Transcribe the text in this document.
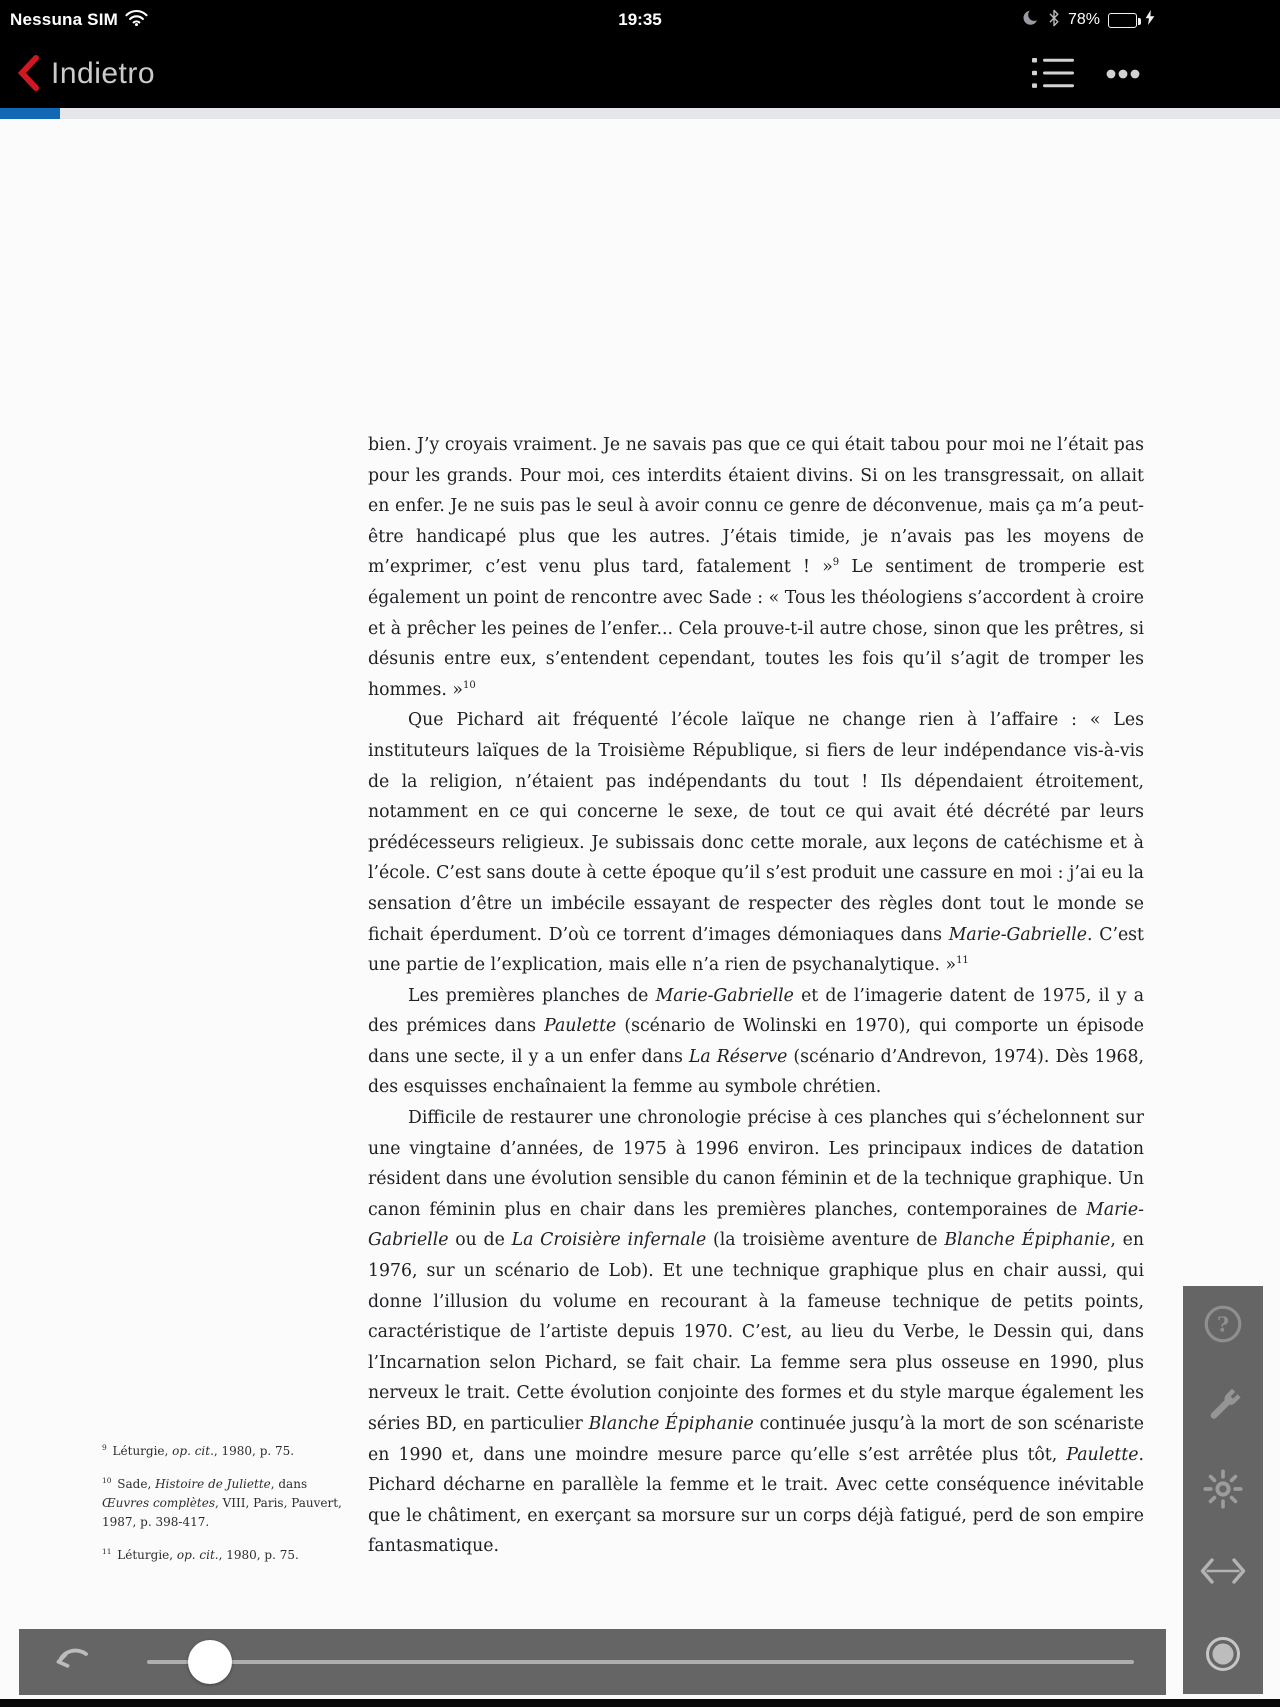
Nessuna SIM	19:35	78%
Indietro

bien. J’y croyais vraiment. Je ne savais pas que ce qui était tabou pour moi ne l’était pas pour les grands. Pour moi, ces interdits étaient divins. Si on les transgressait, on allait en enfer. Je ne suis pas le seul à avoir connu ce genre de déconvenue, mais ça m’a peut-être handicapé plus que les autres. J’étais timide, je n’avais pas les moyens de m’exprimer, c’est venu plus tard, fatalement ! »$^9$ Le sentiment de tromperie est également un point de rencontre avec Sade : « Tous les théologiens s’accordent à croire et à prêcher les peines de l’enfer... Cela prouve-t-il autre chose, sinon que les prêtres, si désunis entre eux, s’entendent cependant, toutes les fois qu’il s’agit de tromper les hommes. »$^{10}$

Que Pichard ait fréquenté l’école laïque ne change rien à l’affaire : « Les instituteurs laïques de la Troisième République, si fiers de leur indépendance vis-à-vis de la religion, n’étaient pas indépendants du tout ! Ils dépendaient étroitement, notamment en ce qui concerne le sexe, de tout ce qui avait été décrété par leurs prédécesseurs religieux. Je subissais donc cette morale, aux leçons de catéchisme et à l’école. C’est sans doute à cette époque qu’il s’est produit une cassure en moi : j’ai eu la sensation d’être un imbécile essayant de respecter des règles dont tout le monde se fichait éperdument. D’où ce torrent d’images démoniaques dans Marie-Gabrielle. C’est une partie de l’explication, mais elle n’a rien de psychanalytique. »$^{11}$

Les premières planches de Marie-Gabrielle et de l’imagerie datent de 1975, il y a des prémices dans Paulette (scénario de Wolinski en 1970), qui comporte un épisode dans une secte, il y a un enfer dans La Réserve (scénario d’Andrevon, 1974). Dès 1968, des esquisses enchaînaient la femme au symbole chrétien.

Difficile de restaurer une chronologie précise à ces planches qui s’échelonnent sur une vingtaine d’années, de 1975 à 1996 environ. Les principaux indices de datation résident dans une évolution sensible du canon féminin et de la technique graphique. Un canon féminin plus en chair dans les premières planches, contemporaines de Marie-Gabrielle ou de La Croisière infernale (la troisième aventure de Blanche Épiphanie, en 1976, sur un scénario de Lob). Et une technique graphique plus en chair aussi, qui donne l’illusion du volume en recourant à la fameuse technique de petits points, caractéristique de l’artiste depuis 1970. C’est, au lieu du Verbe, le Dessin qui, dans l’Incarnation selon Pichard, se fait chair. La femme sera plus osseuse en 1990, plus nerveux le trait. Cette évolution conjointe des formes et du style marque également les séries BD, en particulier Blanche Épiphanie continuée jusqu’à la mort de son scénariste en 1990 et, dans une moindre mesure parce qu’elle s’est arrêtée plus tôt, Paulette. Pichard décharne en parallèle la femme et le trait. Avec cette conséquence inévitable que le châtiment, en exerçant sa morsure sur un corps déjà fatigué, perd de son empire fantasmatique.

$^9$ Léturgie, op. cit., 1980, p. 75.

$^{10}$ Sade, Histoire de Juliette, dans Œuvres complètes, VIII, Paris, Pauvert, 1987, p. 398-417.

$^{11}$ Léturgie, op. cit., 1980, p. 75.

?
